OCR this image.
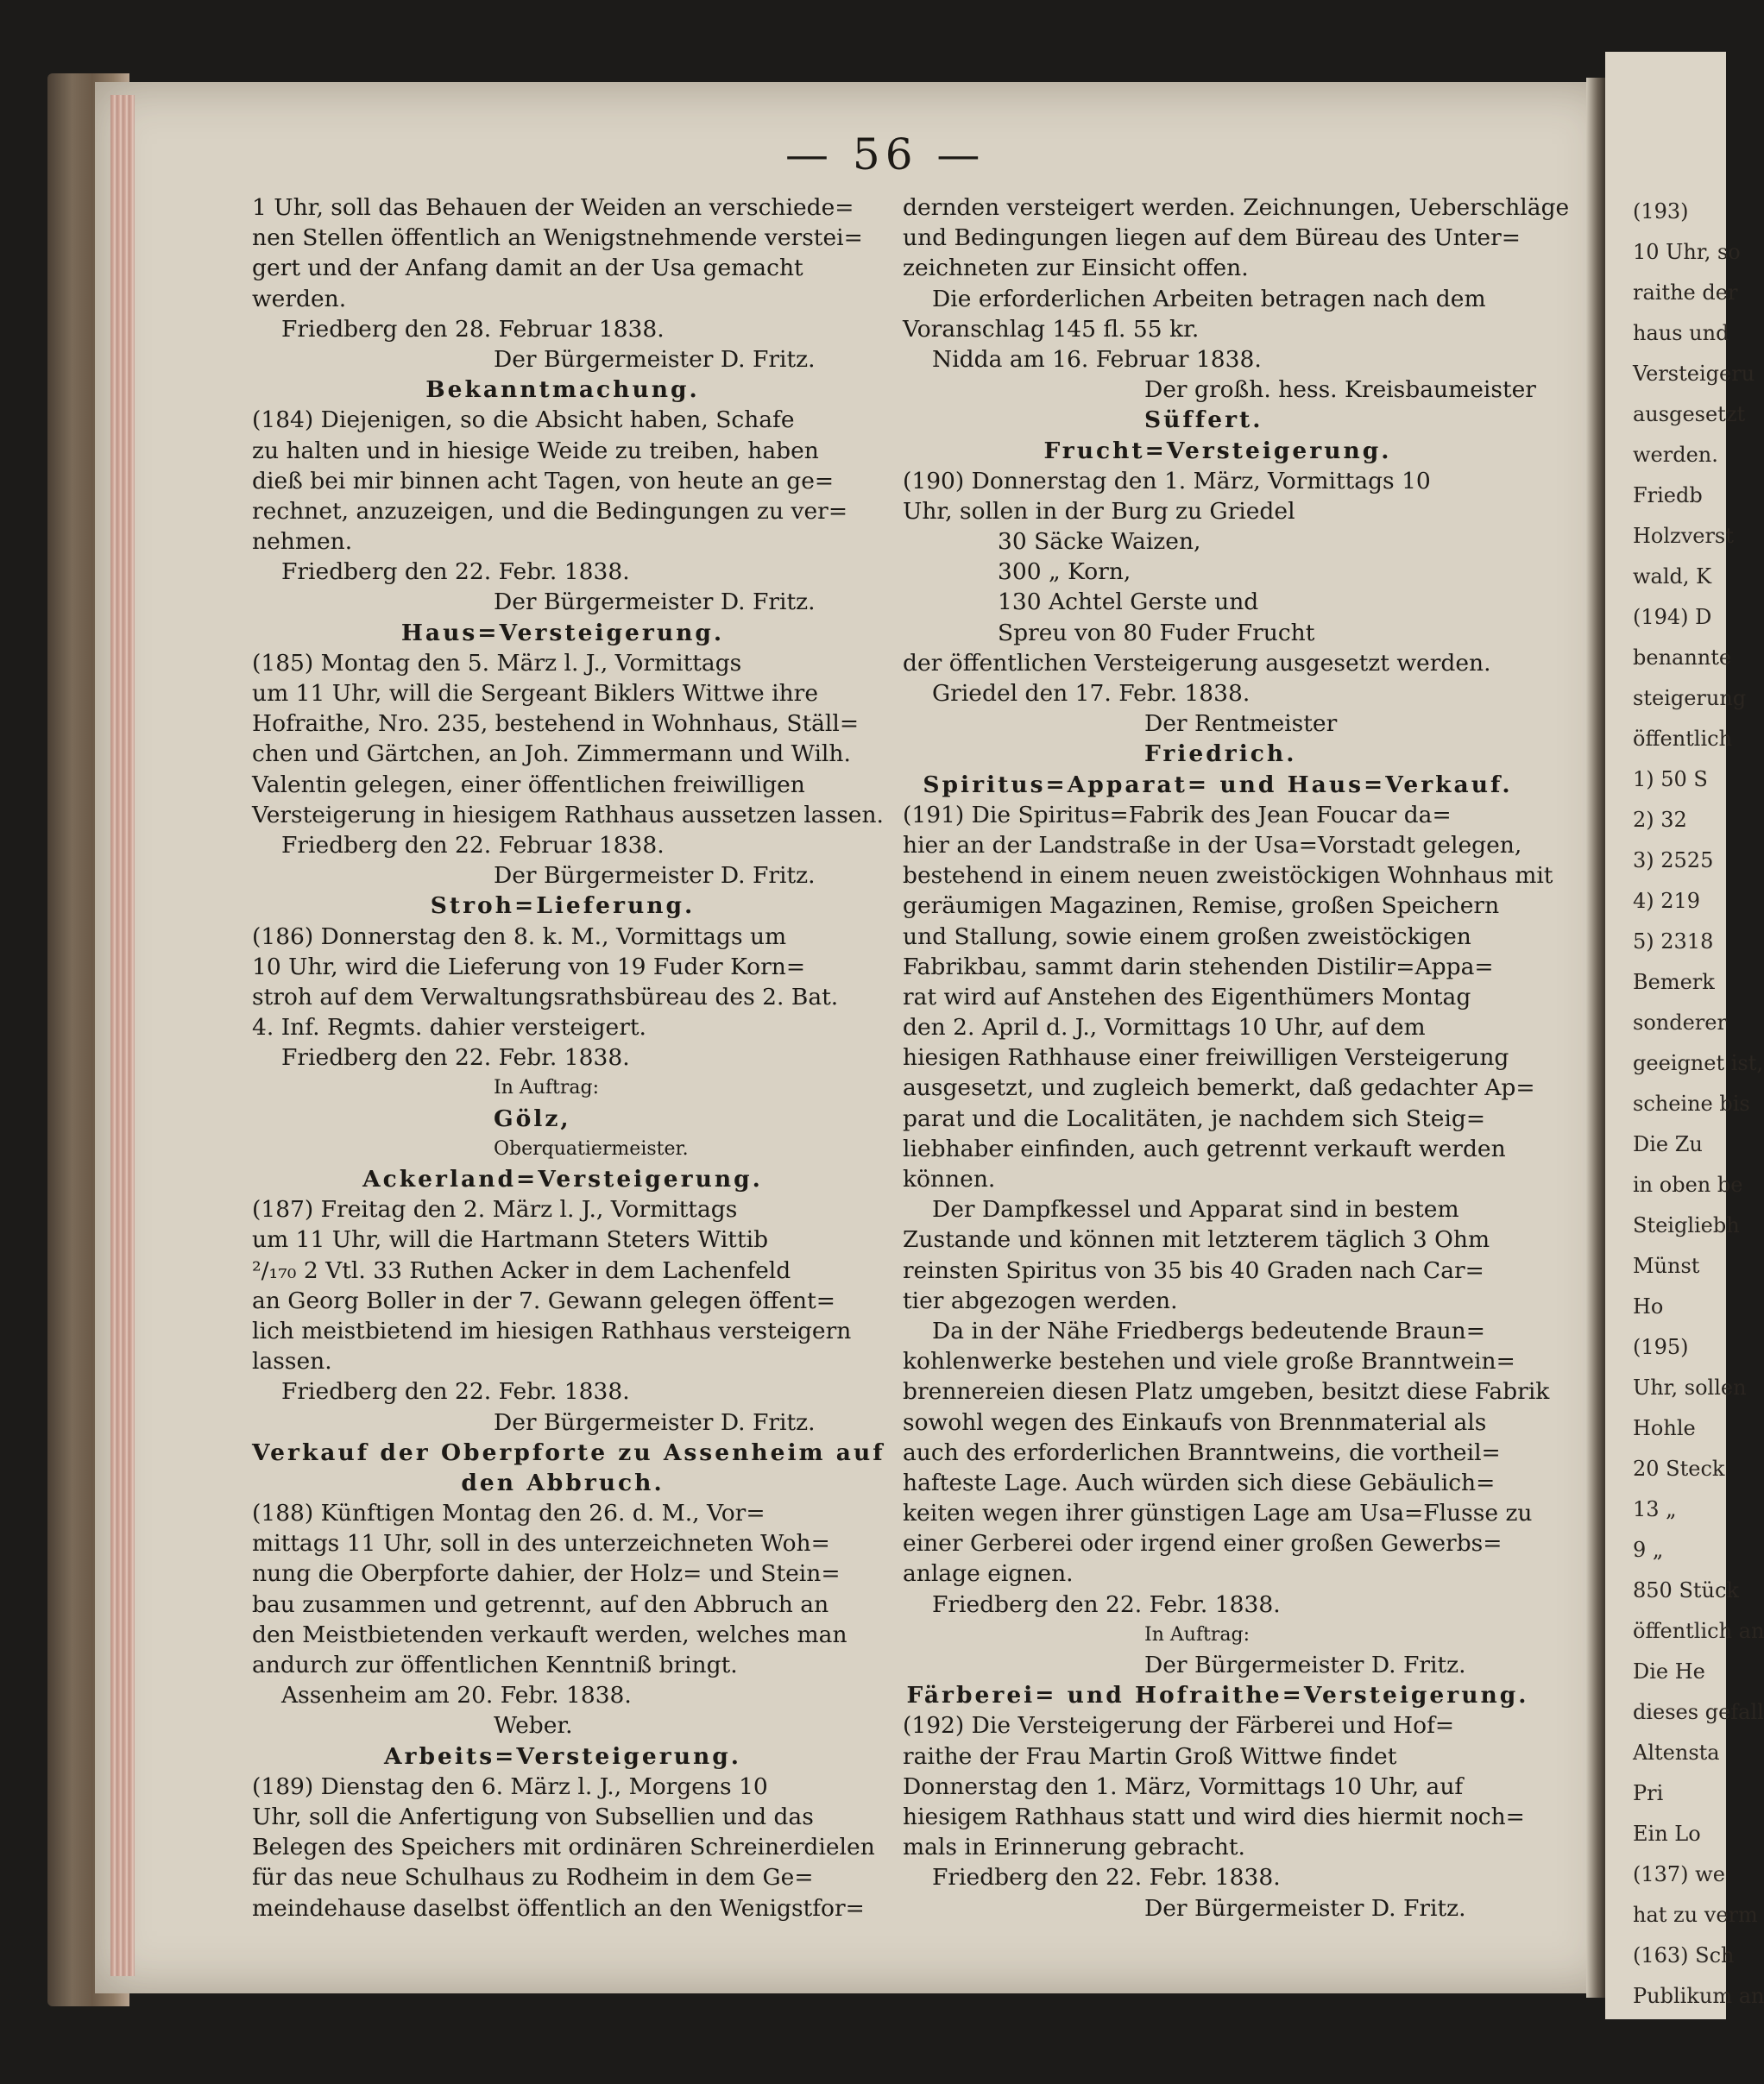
(193)
10 Uhr, so
raithe der
haus und
Versteigeru
ausgesetzt
werden.
Friedb
Holzverst
wald, K
(194) D
benannte
steigerung
öffentlich
1) 50 S
2) 32
3) 2525
4) 219
5) 2318
Bemerk
sonderer
geeignet ist,
scheine bis
Die Zu
in oben be
Steigliebh
Münst
Ho
(195)
Uhr, sollen
Hohle
20 Steck
13 „
9 „
850 Stück
öffentlich an
Die He
dieses gefall
Altensta
Pri
Ein Lo
(137) we
hat zu verm
(163) Sch
Publikum an
— 56 —
1 Uhr, soll das Behauen der Weiden an verschiede=
nen Stellen öffentlich an Wenigstnehmende verstei=
gert und der Anfang damit an der Usa gemacht
werden.
Friedberg den 28. Februar 1838.
Der Bürgermeister D. Fritz.
Bekanntmachung.
(184) Diejenigen, so die Absicht haben, Schafe
zu halten und in hiesige Weide zu treiben, haben
dieß bei mir binnen acht Tagen, von heute an ge=
rechnet, anzuzeigen, und die Bedingungen zu ver=
nehmen.
Friedberg den 22. Febr. 1838.
Der Bürgermeister D. Fritz.
Haus=Versteigerung.
(185) Montag den 5. März l. J., Vormittags
um 11 Uhr, will die Sergeant Biklers Wittwe ihre
Hofraithe, Nro. 235, bestehend in Wohnhaus, Ställ=
chen und Gärtchen, an Joh. Zimmermann und Wilh.
Valentin gelegen, einer öffentlichen freiwilligen
Versteigerung in hiesigem Rathhaus aussetzen lassen.
Friedberg den 22. Februar 1838.
Der Bürgermeister D. Fritz.
Stroh=Lieferung.
(186) Donnerstag den 8. k. M., Vormittags um
10 Uhr, wird die Lieferung von 19 Fuder Korn=
stroh auf dem Verwaltungsrathsbüreau des 2. Bat.
4. Inf. Regmts. dahier versteigert.
Friedberg den 22. Febr. 1838.
In Auftrag:
Gölz,
Oberquatiermeister.
Ackerland=Versteigerung.
(187) Freitag den 2. März l. J., Vormittags
um 11 Uhr, will die Hartmann Steters Wittib
²/₁₇₀ 2 Vtl. 33 Ruthen Acker in dem Lachenfeld
an Georg Boller in der 7. Gewann gelegen öffent=
lich meistbietend im hiesigen Rathhaus versteigern
lassen.
Friedberg den 22. Febr. 1838.
Der Bürgermeister D. Fritz.
Verkauf der Oberpforte zu Assenheim auf
den Abbruch.
(188) Künftigen Montag den 26. d. M., Vor=
mittags 11 Uhr, soll in des unterzeichneten Woh=
nung die Oberpforte dahier, der Holz= und Stein=
bau zusammen und getrennt, auf den Abbruch an
den Meistbietenden verkauft werden, welches man
andurch zur öffentlichen Kenntniß bringt.
Assenheim am 20. Febr. 1838.
Weber.
Arbeits=Versteigerung.
(189) Dienstag den 6. März l. J., Morgens 10
Uhr, soll die Anfertigung von Subsellien und das
Belegen des Speichers mit ordinären Schreinerdielen
für das neue Schulhaus zu Rodheim in dem Ge=
meindehause daselbst öffentlich an den Wenigstfor=
dernden versteigert werden. Zeichnungen, Ueberschläge
und Bedingungen liegen auf dem Büreau des Unter=
zeichneten zur Einsicht offen.
Die erforderlichen Arbeiten betragen nach dem
Voranschlag 145 fl. 55 kr.
Nidda am 16. Februar 1838.
Der großh. hess. Kreisbaumeister
Süffert.
Frucht=Versteigerung.
(190) Donnerstag den 1. März, Vormittags 10
Uhr, sollen in der Burg zu Griedel
30 Säcke Waizen,
300 „ Korn,
130 Achtel Gerste und
Spreu von 80 Fuder Frucht
der öffentlichen Versteigerung ausgesetzt werden.
Griedel den 17. Febr. 1838.
Der Rentmeister
Friedrich.
Spiritus=Apparat= und Haus=Verkauf.
(191) Die Spiritus=Fabrik des Jean Foucar da=
hier an der Landstraße in der Usa=Vorstadt gelegen,
bestehend in einem neuen zweistöckigen Wohnhaus mit
geräumigen Magazinen, Remise, großen Speichern
und Stallung, sowie einem großen zweistöckigen
Fabrikbau, sammt darin stehenden Distilir=Appa=
rat wird auf Anstehen des Eigenthümers Montag
den 2. April d. J., Vormittags 10 Uhr, auf dem
hiesigen Rathhause einer freiwilligen Versteigerung
ausgesetzt, und zugleich bemerkt, daß gedachter Ap=
parat und die Localitäten, je nachdem sich Steig=
liebhaber einfinden, auch getrennt verkauft werden
können.
Der Dampfkessel und Apparat sind in bestem
Zustande und können mit letzterem täglich 3 Ohm
reinsten Spiritus von 35 bis 40 Graden nach Car=
tier abgezogen werden.
Da in der Nähe Friedbergs bedeutende Braun=
kohlenwerke bestehen und viele große Branntwein=
brennereien diesen Platz umgeben, besitzt diese Fabrik
sowohl wegen des Einkaufs von Brennmaterial als
auch des erforderlichen Branntweins, die vortheil=
hafteste Lage. Auch würden sich diese Gebäulich=
keiten wegen ihrer günstigen Lage am Usa=Flusse zu
einer Gerberei oder irgend einer großen Gewerbs=
anlage eignen.
Friedberg den 22. Febr. 1838.
In Auftrag:
Der Bürgermeister D. Fritz.
Färberei= und Hofraithe=Versteigerung.
(192) Die Versteigerung der Färberei und Hof=
raithe der Frau Martin Groß Wittwe findet
Donnerstag den 1. März, Vormittags 10 Uhr, auf
hiesigem Rathhaus statt und wird dies hiermit noch=
mals in Erinnerung gebracht.
Friedberg den 22. Febr. 1838.
Der Bürgermeister D. Fritz.
